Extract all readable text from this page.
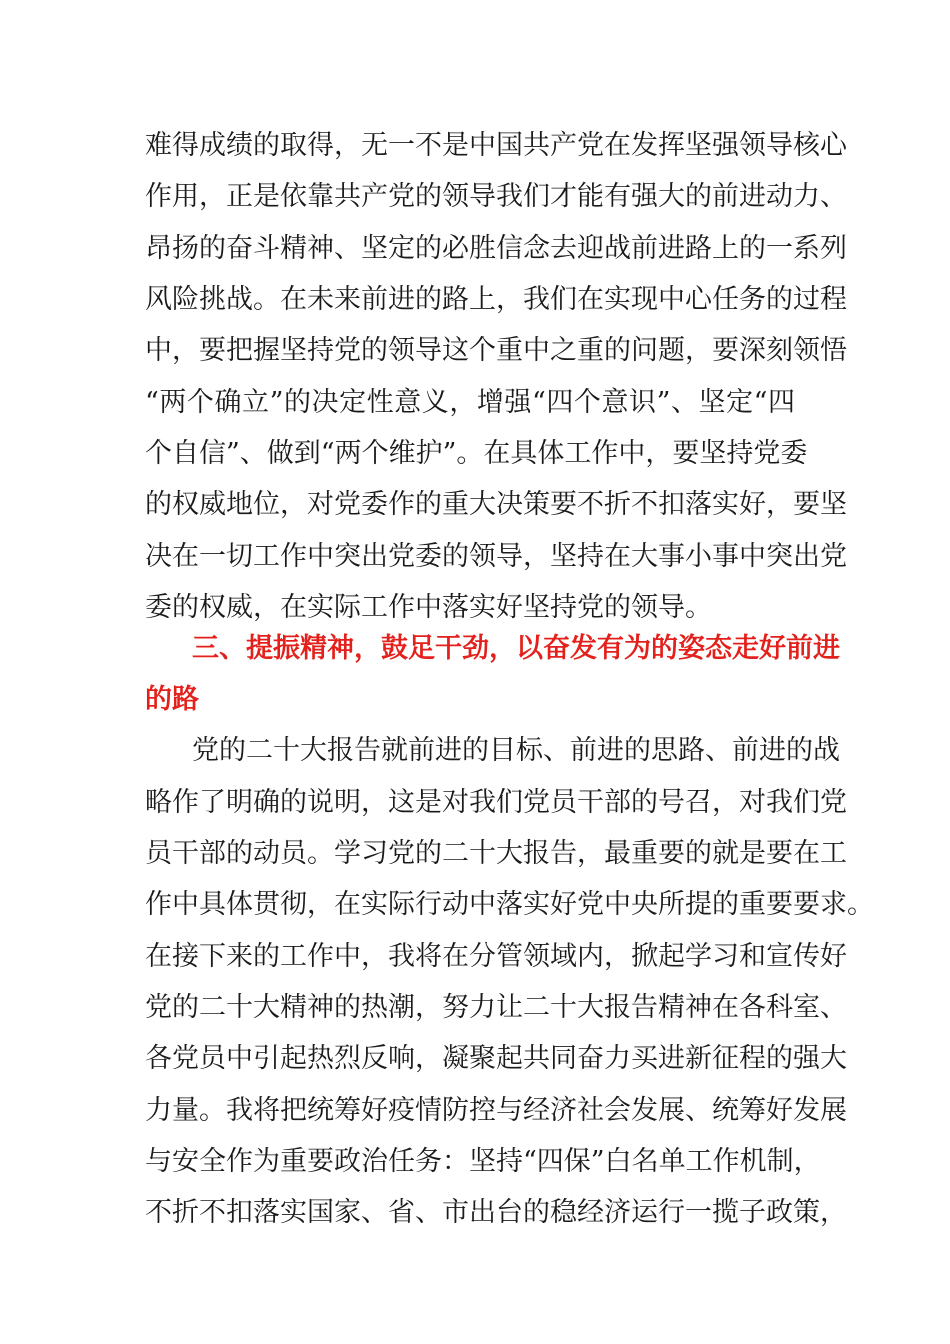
难得成绩的取得，无一不是中国共产党在发挥坚强领导核心
作用，正是依靠共产党的领导我们才能有强大的前进动力、
昂扬的奋斗精神、坚定的必胜信念去迎战前进路上的一系列
风险挑战。在未来前进的路上，我们在实现中心任务的过程
中，要把握坚持党的领导这个重中之重的问题，要深刻领悟
“两个确立”的决定性意义，增强“四个意识”、坚定“四
个自信”、做到“两个维护”。在具体工作中，要坚持党委
的权威地位，对党委作的重大决策要不折不扣落实好，要坚
决在一切工作中突出党委的领导，坚持在大事小事中突出党
委的权威，在实际工作中落实好坚持党的领导。
三、提振精神，鼓足干劲，以奋发有为的姿态走好前进
的路
党的二十大报告就前进的目标、前进的思路、前进的战
略作了明确的说明，这是对我们党员干部的号召，对我们党
员干部的动员。学习党的二十大报告，最重要的就是要在工
作中具体贯彻，在实际行动中落实好党中央所提的重要要求。
在接下来的工作中，我将在分管领域内，掀起学习和宣传好
党的二十大精神的热潮，努力让二十大报告精神在各科室、
各党员中引起热烈反响，凝聚起共同奋力买进新征程的强大
力量。我将把统筹好疫情防控与经济社会发展、统筹好发展
与安全作为重要政治任务：坚持“四保”白名单工作机制，
不折不扣落实国家、省、市出台的稳经济运行一揽子政策，
